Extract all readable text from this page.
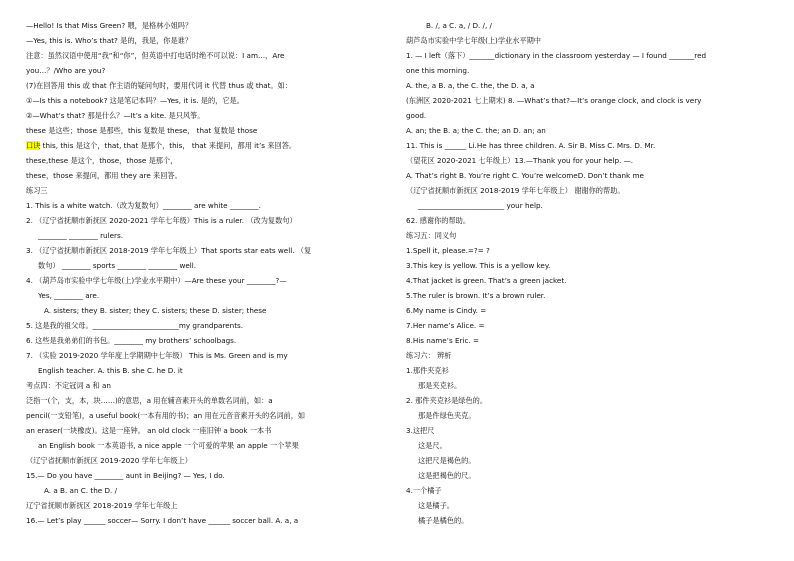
—Hello! Is that Miss Green? 喂，是格林小姐吗？
—Yes, this is. Who’s that? 是的，我是，你是谁？
注意：虽然汉语中使用“我”和“你”，但英语中打电话时绝不可以说：I am…，Are
you…？/Who are you?
(7)在回答用 this 或 that 作主语的疑问句时，要用代词 it 代替 thus 或 that。如：
①—Is this a notebook? 这是笔记本吗？—Yes, it is. 是的，它是。
②—What’s that? 那是什么？—It’s a kite. 是只风筝。
these 是这些；those 是那些，this 复数是 these， that 复数是 those
口诀 this, this 是这个，that, that 是那个，this， that 来提问，都用 it’s 来回答。
these,these 是这个，those，those 是那个，
these，those 来提问，都用 they are 来回答。
练习三
1. This is a white watch.（改为复数句）________ are white ________.
2. （辽宁省抚顺市新抚区 2020-2021 学年七年级）This is a ruler. （改为复数句）
________ ________ rulers.
3. （辽宁省抚顺市新抚区 2018-2019 学年七年级上）That sports star eats well. （复
数句） ________ sports ________ ________ well.
4. （葫芦岛市实验中学七年级(上)学业水平期中）—Are these your ________?—
Yes, ________ are.
A. sisters; they B. sister; they C. sisters; these D. sister; these
5. 这是我的祖父母。________________________my grandparents.
6. 这些是我弟弟们的书包。________ my brothers’ schoolbags.
7. （实验 2019-2020 学年度上学期期中七年级） This is Ms. Green and is my
English teacher. A. this B. she C. he D. it
考点四：不定冠词 a 和 an
泛指一(个，支，本，块……)的意思，a 用在辅音素开头的单数名词前，如：a
pencil(一支铅笔)，a useful book(一本有用的书)；an 用在元音音素开头的名词前，如
an eraser(一块橡皮)。这是一座钟。 an old clock 一座旧钟 a book 一本书
an English book 一本英语书, a nice apple 一个可爱的苹果 an apple 一个苹果
（辽宁省抚顺市新抚区 2019-2020 学年七年级上）
15.— Do you have ________ aunt in Beijing? — Yes, I do.
A. a B. an C. the D. /
辽宁省抚顺市新抚区 2018-2019 学年七年级上
16.— Let’s play ______ soccer— Sorry. I don’t have ______ soccer ball. A. a, a
B. /, a C. a, / D. /, /
葫芦岛市实验中学七年级(上)学业水平期中
1. — I left（落下）_______dictionary in the classroom yesterday — I found _______red
one this morning.
A. the, a B. a, the C. the, the D. a, a
(东洲区 2020-2021 七上期末) 8. —What’s that?—It’s orange clock, and clock is very
good.
A. an; the B. a; the C. the; an D. an; an
11. This is ______ Li.He has three children. A. Sir B. Miss C. Mrs. D. Mr.
（望花区 2020-2021 七年级上）13.—Thank you for your help. —.
A. That’s right B. You’re right C. You’re welcomeD. Don’t thank me
（辽宁省抚顺市新抚区 2018-2019 学年七年级上） 谢谢你的帮助。
________________________ your help.
62. 感谢你的帮助。
练习五：同义句
1.Spell it, please.=?= ?
3.This key is yellow. This is a yellow key.
4.That jacket is green. That’s a green jacket.
5.The ruler is brown. It’s a brown ruler.
6.My name is Cindy. =
7.Her name’s Alice. =
8.His name’s Eric. =
练习六： 辨析
1.那件夹克衫
那是夹克衫。
2. 那件夹克衫是绿色的。
那是件绿色夹克。
3.这把尺
这是尺。
这把尺是褐色的。
这是把褐色的尺。
4.一个橘子
这是橘子。
橘子是橘色的。
